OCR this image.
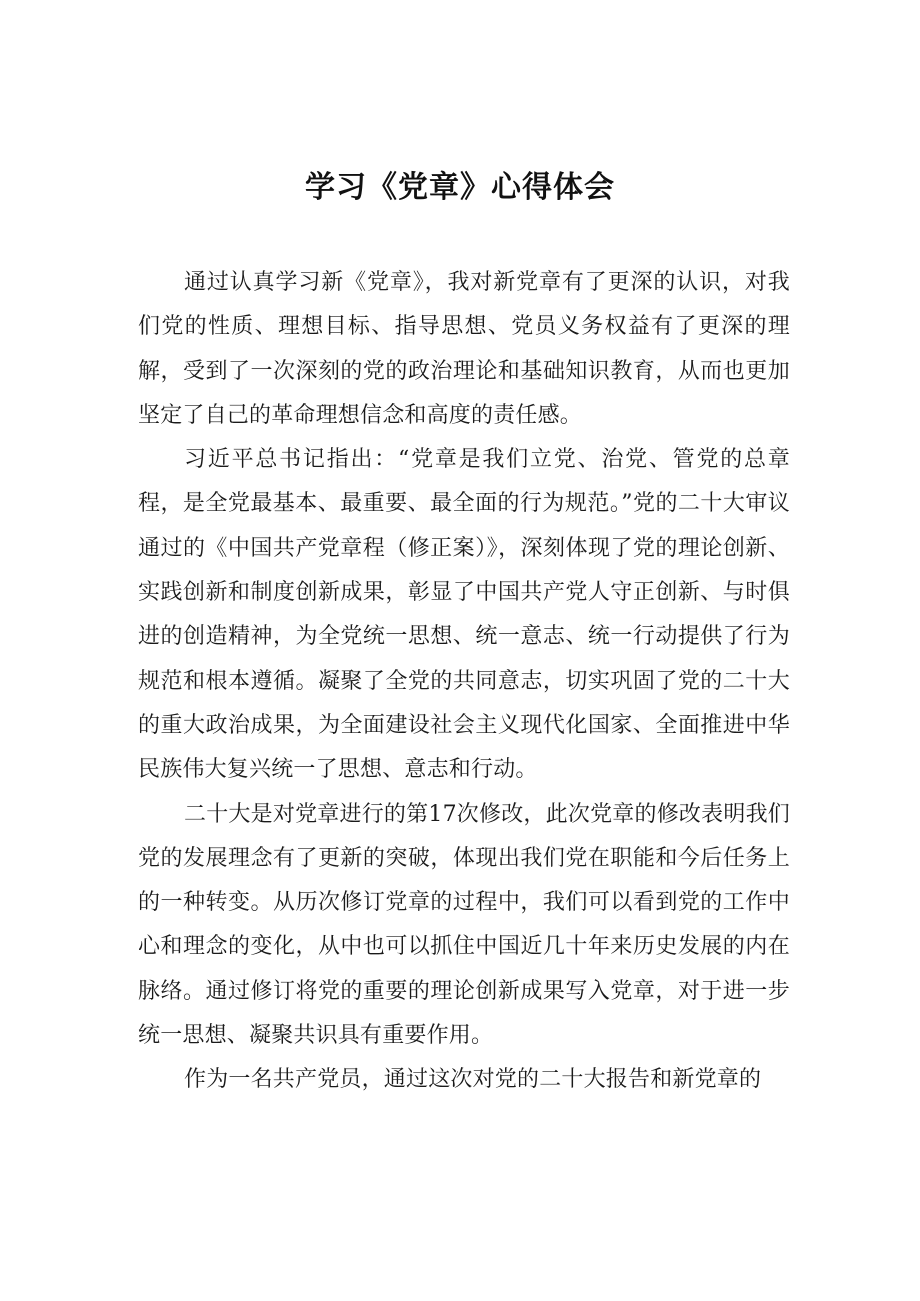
学习《党章》心得体会

通过认真学习新《党章》，我对新党章有了更深的认识，对我们党的性质、理想目标、指导思想、党员义务权益有了更深的理解，受到了一次深刻的党的政治理论和基础知识教育，从而也更加坚定了自己的革命理想信念和高度的责任感。

习近平总书记指出：“党章是我们立党、治党、管党的总章程，是全党最基本、最重要、最全面的行为规范。”党的二十大审议通过的《中国共产党章程（修正案）》，深刻体现了党的理论创新、实践创新和制度创新成果，彰显了中国共产党人守正创新、与时俱进的创造精神，为全党统一思想、统一意志、统一行动提供了行为规范和根本遵循。凝聚了全党的共同意志，切实巩固了党的二十大的重大政治成果，为全面建设社会主义现代化国家、全面推进中华民族伟大复兴统一了思想、意志和行动。

二十大是对党章进行的第17次修改，此次党章的修改表明我们党的发展理念有了更新的突破，体现出我们党在职能和今后任务上的一种转变。从历次修订党章的过程中，我们可以看到党的工作中心和理念的变化，从中也可以抓住中国近几十年来历史发展的内在脉络。通过修订将党的重要的理论创新成果写入党章，对于进一步统一思想、凝聚共识具有重要作用。

作为一名共产党员，通过这次对党的二十大报告和新党章的
